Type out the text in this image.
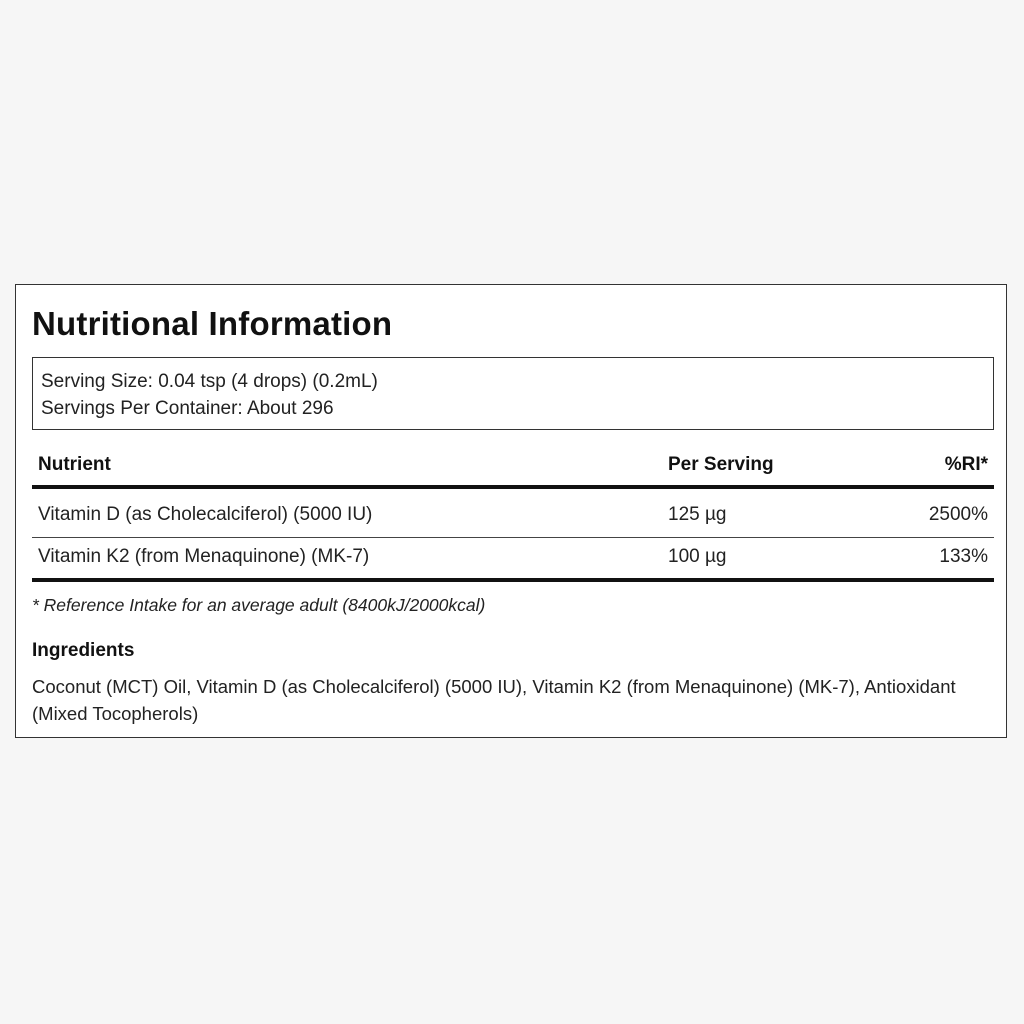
Nutritional Information
Serving Size: 0.04 tsp (4 drops) (0.2mL)
Servings Per Container: About 296
Nutrient	Per Serving	%RI*
Vitamin D (as Cholecalciferol) (5000 IU)	125 µg	2500%
Vitamin K2 (from Menaquinone) (MK-7)	100 µg	133%
* Reference Intake for an average adult (8400kJ/2000kcal)
Ingredients
Coconut (MCT) Oil, Vitamin D (as Cholecalciferol) (5000 IU), Vitamin K2 (from Menaquinone) (MK-7), Antioxidant (Mixed Tocopherols)
